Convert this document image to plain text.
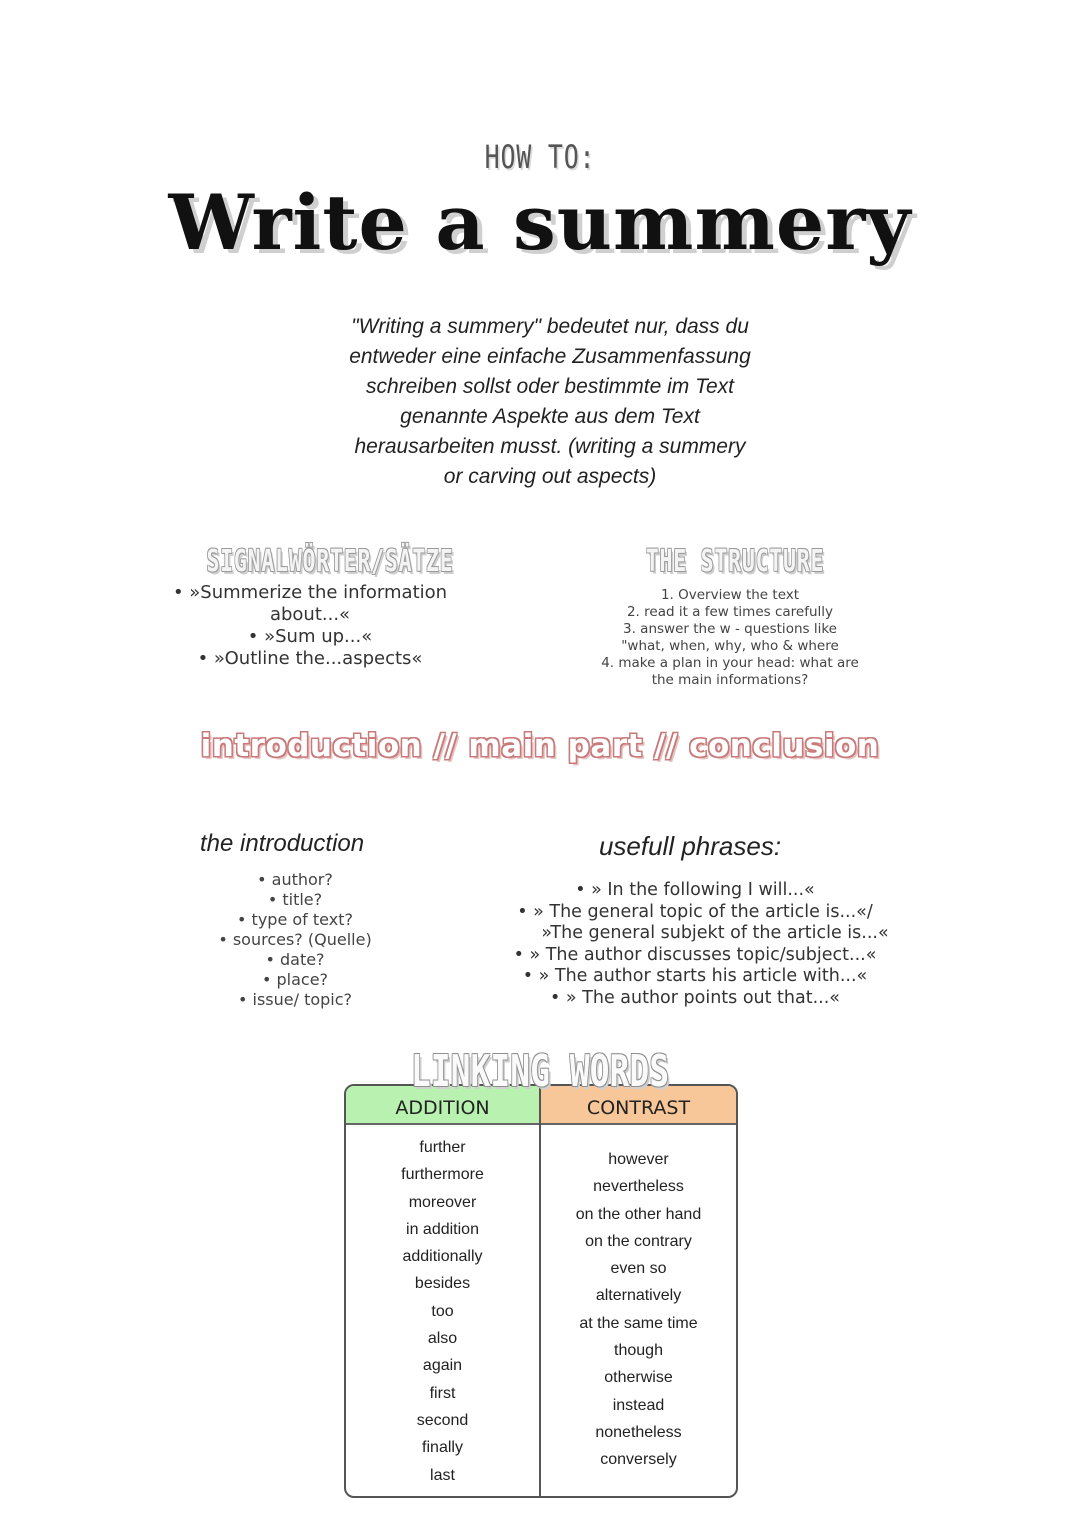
HOW TO:
Write a summery
"Writing a summery" bedeutet nur, dass du
entweder eine einfache Zusammenfassung
schreiben sollst oder bestimmte im Text
genannte Aspekte aus dem Text
herausarbeiten musst. (writing a summery
or carving out aspects)
SIGNALWÖRTER/SÄTZE	THE STRUCTURE
• »Summerize the information
about...«
• »Sum up...«
• »Outline the...aspects«
1. Overview the text
2. read it a few times carefully
3. answer the w - questions like
"what, when, why, who & where
4. make a plan in your head: what are
the main informations?
introduction // main part // conclusion
the introduction	usefull phrases:
• author?
• title?
• type of text?
• sources? (Quelle)
• date?
• place?
• issue/ topic?
• » In the following I will...«
• » The general topic of the article is...«/
»The general subjekt of the article is...«
• » The author discusses topic/subject...«
• » The author starts his article with...«
• » The author points out that...«
LINKING WORDS
ADDITION
further
furthermore
moreover
in addition
additionally
besides
too
also
again
first
second
finally
last
CONTRAST
however
nevertheless
on the other hand
on the contrary
even so
alternatively
at the same time
though
otherwise
instead
nonetheless
conversely
